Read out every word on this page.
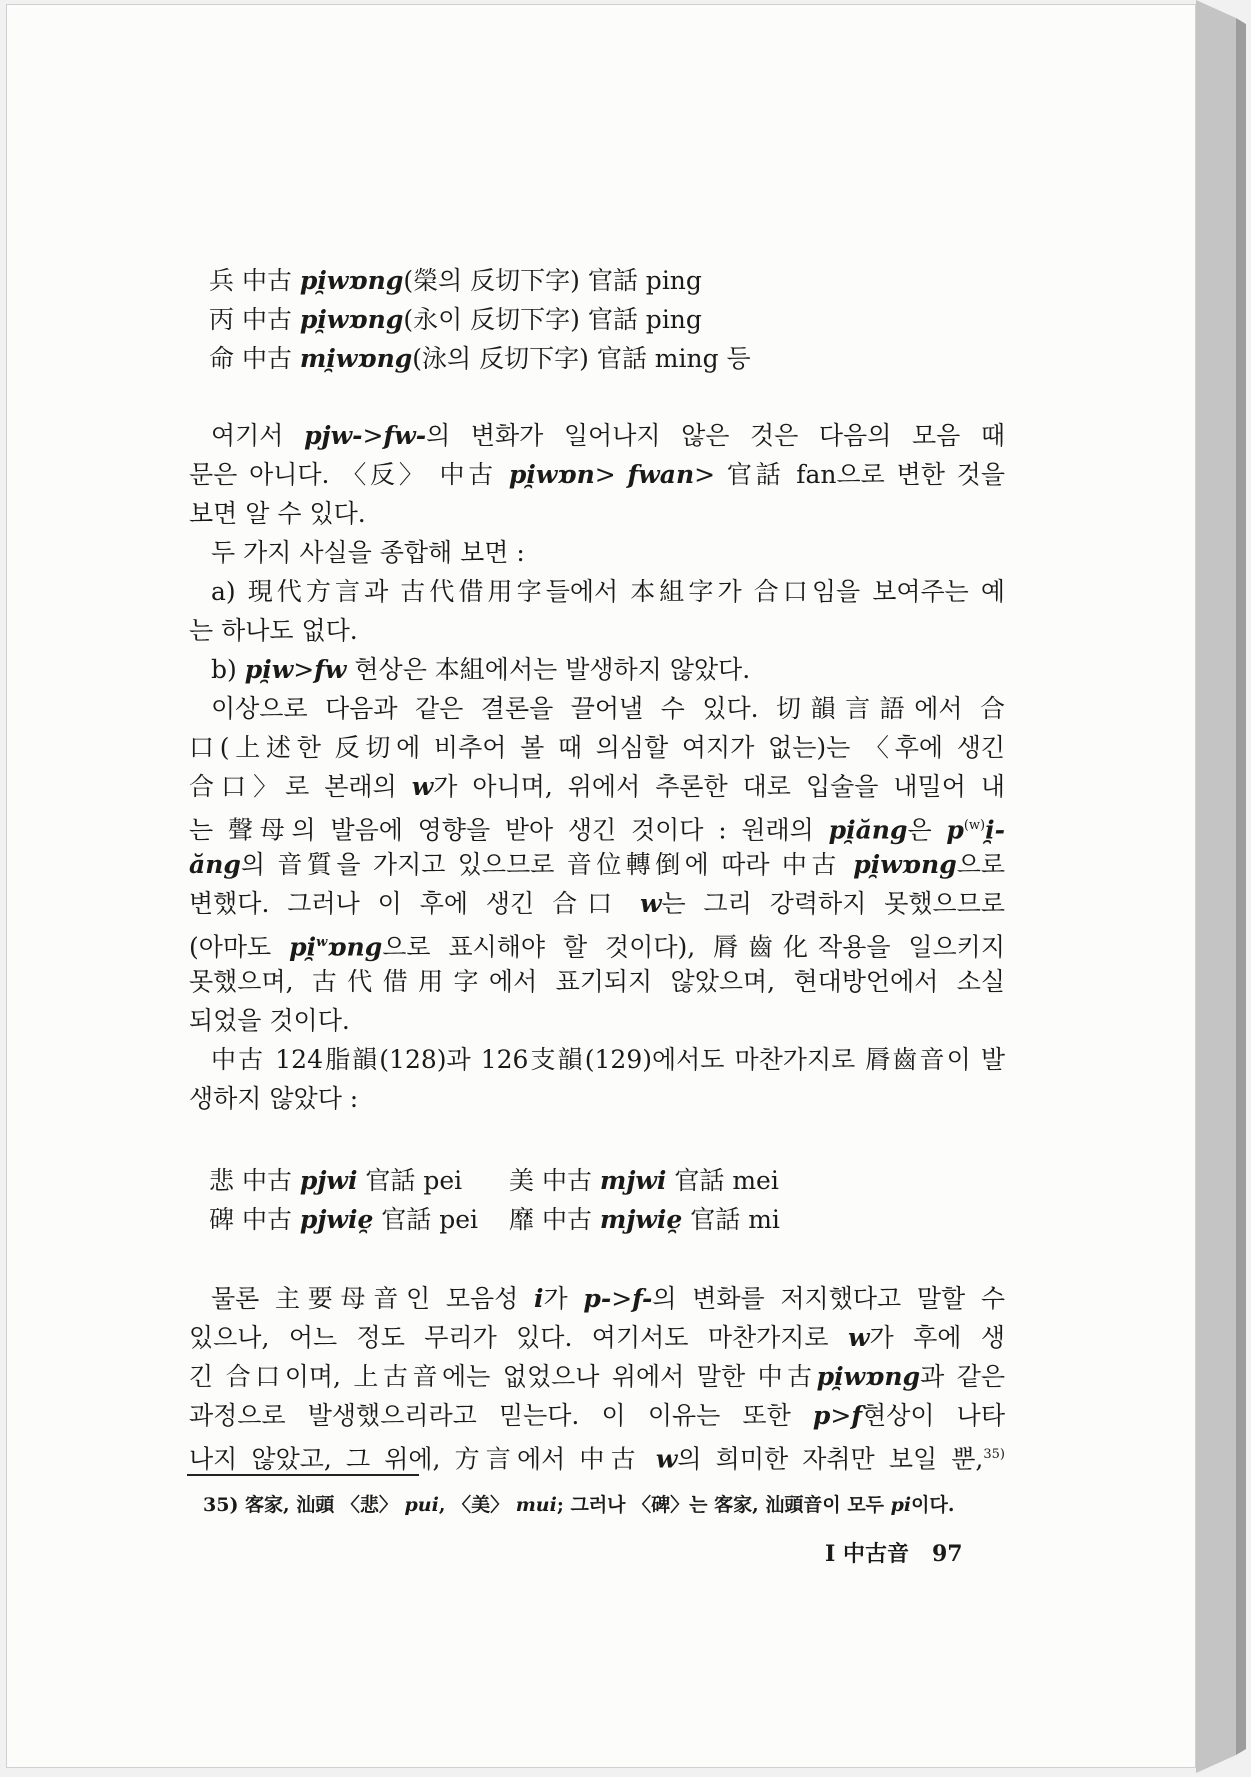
兵 中古 pi̯wɒng(榮의 反切下字) 官話 ping
丙 中古 pi̯wɒng(永이 反切下字) 官話 ping
命 中古 mi̯wɒng(泳의 反切下字) 官話 ming 등
여기서 pjw->fw-의 변화가 일어나지 않은 것은 다음의 모음 때
문은 아니다. 〈反〉 中古 pi̯wɒn> fwan> 官話 fan으로 변한 것을
보면 알 수 있다.
두 가지 사실을 종합해 보면 :
a) 現代方言과 古代借用字들에서 本組字가 合口임을 보여주는 예
는 하나도 없다.
b) pi̯w>fw 현상은 本組에서는 발생하지 않았다.
이상으로 다음과 같은 결론을 끌어낼 수 있다. 切韻言語에서 合
口(上述한 反切에 비추어 볼 때 의심할 여지가 없는)는 〈후에 생긴
合口〉로 본래의 w가 아니며, 위에서 추론한 대로 입술을 내밀어 내
는 聲母의 발음에 영향을 받아 생긴 것이다 : 원래의 pi̯ăng은 $p^{(w)}i̯-$
ăng의 音質을 가지고 있으므로 音位轉倒에 따라 中古 pi̯wɒng으로
변했다. 그러나 이 후에 생긴 合口 w는 그리 강력하지 못했으므로
(아마도 pi̯$^w$ɒng으로 표시해야 할 것이다), 脣齒化작용을 일으키지
못했으며, 古代借用字에서 표기되지 않았으며, 현대방언에서 소실
되었을 것이다.
中古 124脂韻(128)과 126支韻(129)에서도 마찬가지로 脣齒音이 발
생하지 않았다 :
悲 中古 pjwi 官話 pei 美 中古 mjwi 官話 mei
碑 中古 pjwie̯ 官話 pei 靡 中古 mjwie̯ 官話 mi
물론 主要母音인 모음성 i가 p->f-의 변화를 저지했다고 말할 수
있으나, 어느 정도 무리가 있다. 여기서도 마찬가지로 w가 후에 생
긴 合口이며, 上古音에는 없었으나 위에서 말한 中古pi̯wɒng과 같은
과정으로 발생했으리라고 믿는다. 이 이유는 또한 p>f현상이 나타
나지 않았고, 그 위에, 方言에서 中古 w의 희미한 자취만 보일 뿐,$^{35)}$
35) 客家, 汕頭 〈悲〉 pui, 〈美〉 mui; 그러나 〈碑〉는 客家, 汕頭音이 모두 pi이다.
I 中古音 97
